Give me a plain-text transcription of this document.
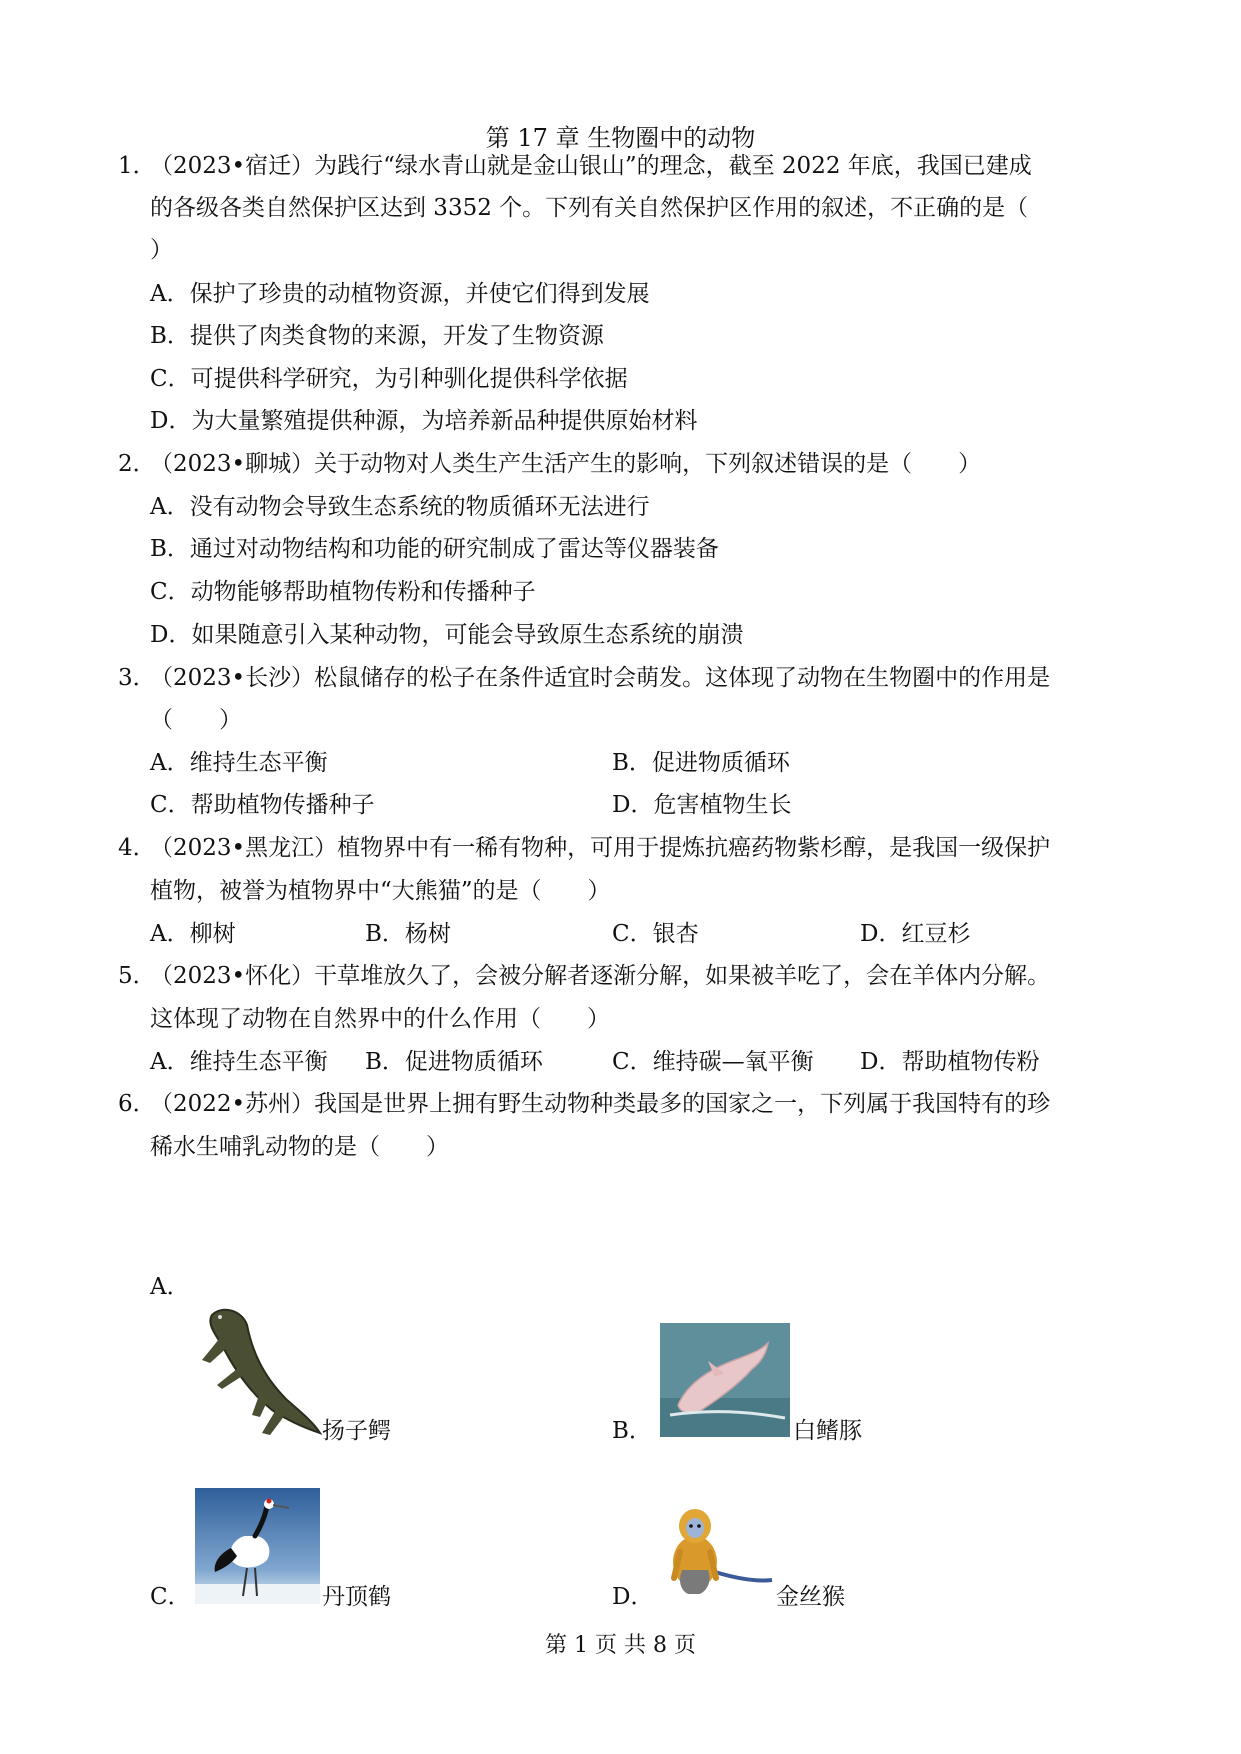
第 17 章 生物圈中的动物
1．
（2023•宿迁）为践行“绿水青山就是金山银山”的理念，截至 2022 年底，我国已建成
的各级各类自然保护区达到 3352 个。下列有关自然保护区作用的叙述，不正确的是（
）
A．保护了珍贵的动植物资源，并使它们得到发展
B．提供了肉类食物的来源，开发了生物资源
C．可提供科学研究，为引种驯化提供科学依据
D．为大量繁殖提供种源，为培养新品种提供原始材料
2．
（2023•聊城）关于动物对人类生产生活产生的影响，下列叙述错误的是（　　）
A．没有动物会导致生态系统的物质循环无法进行
B．通过对动物结构和功能的研究制成了雷达等仪器装备
C．动物能够帮助植物传粉和传播种子
D．如果随意引入某种动物，可能会导致原生态系统的崩溃
3．
（2023•长沙）松鼠储存的松子在条件适宜时会萌发。这体现了动物在生物圈中的作用是
（　　）
A．维持生态平衡	B．促进物质循环
C．帮助植物传播种子	D．危害植物生长
4．
（2023•黑龙江）植物界中有一稀有物种，可用于提炼抗癌药物紫杉醇，是我国一级保护
植物，被誉为植物界中“大熊猫”的是（　　）
A．柳树	B．杨树	C．银杏	D．红豆杉
5．
（2023•怀化）干草堆放久了，会被分解者逐渐分解，如果被羊吃了，会在羊体内分解。
这体现了动物在自然界中的什么作用（　　）
A．维持生态平衡 B．促进物质循环	C．维持碳—氧平衡 D．帮助植物传粉
6．
（2022•苏州）我国是世界上拥有野生动物种类最多的国家之一，下列属于我国特有的珍
稀水生哺乳动物的是（　　）
A．
扬子鳄	B．	白鳍豚
C．	丹顶鹤	D．	金丝猴
第 1 页 共 8 页
